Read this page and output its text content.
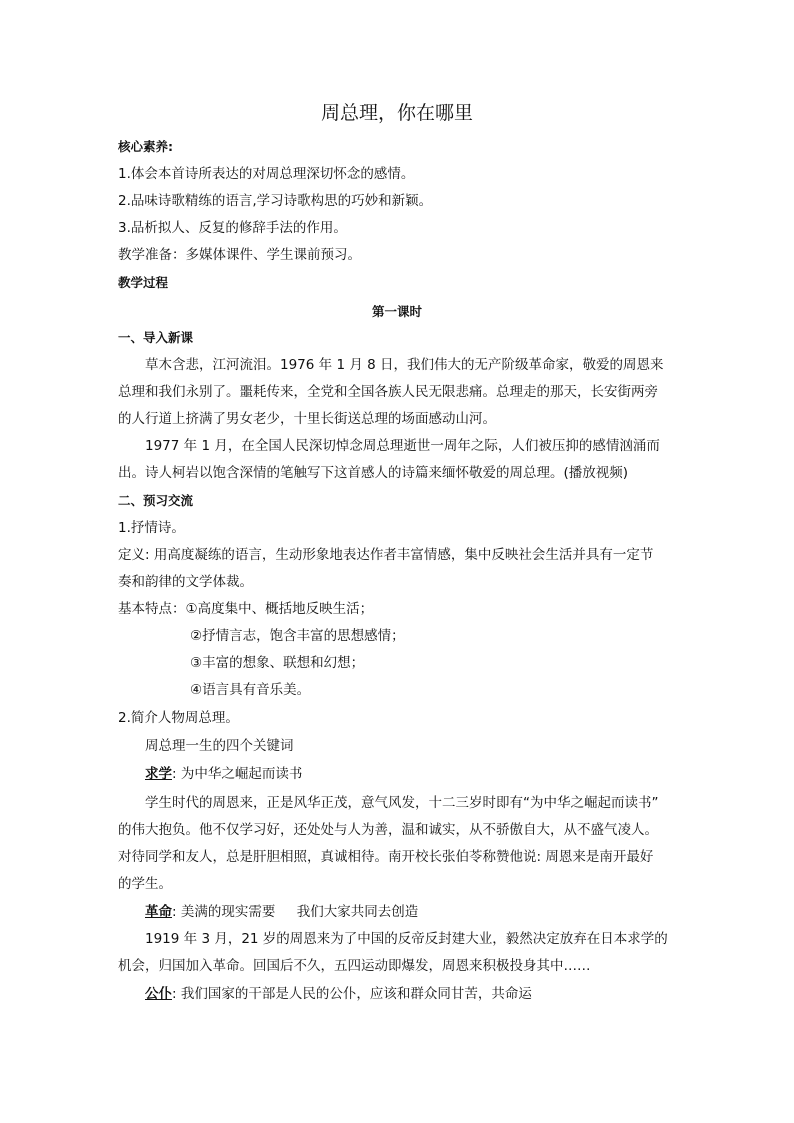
周总理，你在哪里
核心素养:
1.体会本首诗所表达的对周总理深切怀念的感情。
2.品味诗歌精练的语言,学习诗歌构思的巧妙和新颖。
3.品析拟人、反复的修辞手法的作用。
教学准备：多媒体课件、学生课前预习。
教学过程
第一课时
一、导入新课
草木含悲，江河流泪。1976 年 1 月 8 日，我们伟大的无产阶级革命家，敬爱的周恩来
总理和我们永别了。噩耗传来，全党和全国各族人民无限悲痛。总理走的那天，长安街两旁
的人行道上挤满了男女老少，十里长街送总理的场面感动山河。
1977 年 1 月，在全国人民深切悼念周总理逝世一周年之际，人们被压抑的感情汹涌而
出。诗人柯岩以饱含深情的笔触写下这首感人的诗篇来缅怀敬爱的周总理。(播放视频)
二、预习交流
1.抒情诗。
定义: 用高度凝练的语言，生动形象地表达作者丰富情感，集中反映社会生活并具有一定节
奏和韵律的文学体裁。
基本特点：①高度集中、概括地反映生活；
②抒情言志，饱含丰富的思想感情；
③丰富的想象、联想和幻想；
④语言具有音乐美。
2.简介人物周总理。
周总理一生的四个关键词
求学: 为中华之崛起而读书
学生时代的周恩来，正是风华正茂，意气风发，十二三岁时即有“为中华之崛起而读书”
的伟大抱负。他不仅学习好，还处处与人为善，温和诚实，从不骄傲自大，从不盛气凌人。
对待同学和友人，总是肝胆相照，真诚相待。南开校长张伯苓称赞他说: 周恩来是南开最好
的学生。
革命: 美满的现实需要     我们大家共同去创造
1919 年 3 月，21 岁的周恩来为了中国的反帝反封建大业，毅然决定放弃在日本求学的
机会，归国加入革命。回国后不久，五四运动即爆发，周恩来积极投身其中……
公仆: 我们国家的干部是人民的公仆，应该和群众同甘苦，共命运
